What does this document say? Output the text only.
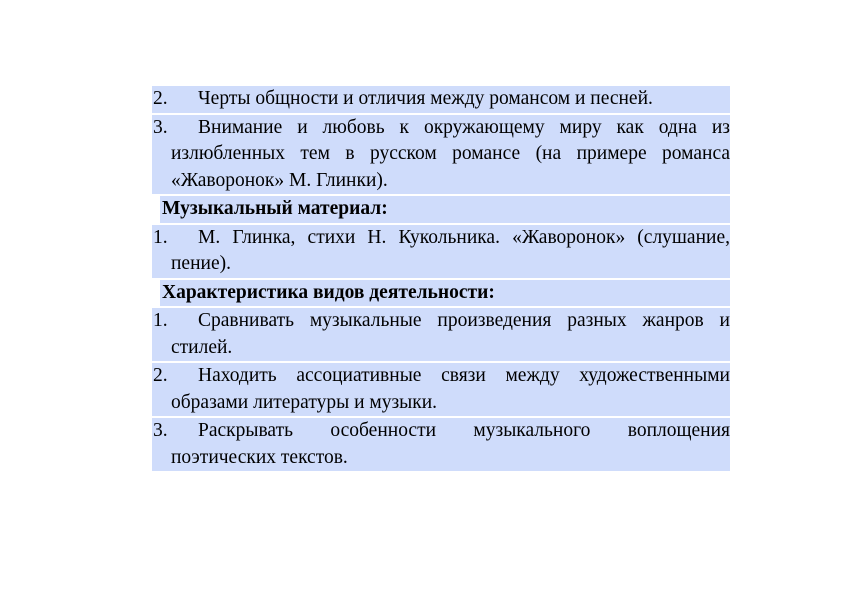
2. Черты общности и отличия между романсом и песней.
3. Внимание и любовь к окружающему миру как одна из излюбленных тем в русском романсе (на примере романса «Жаворонок» М. Глинки).
Музыкальный материал:
1. М. Глинка, стихи Н. Кукольника. «Жаворонок» (слушание, пение).
Характеристика видов деятельности:
1. Сравнивать музыкальные произведения разных жанров и стилей.
2. Находить ассоциативные связи между художественными образами литературы и музыки.
3. Раскрывать особенности музыкального воплощения поэтических текстов.
